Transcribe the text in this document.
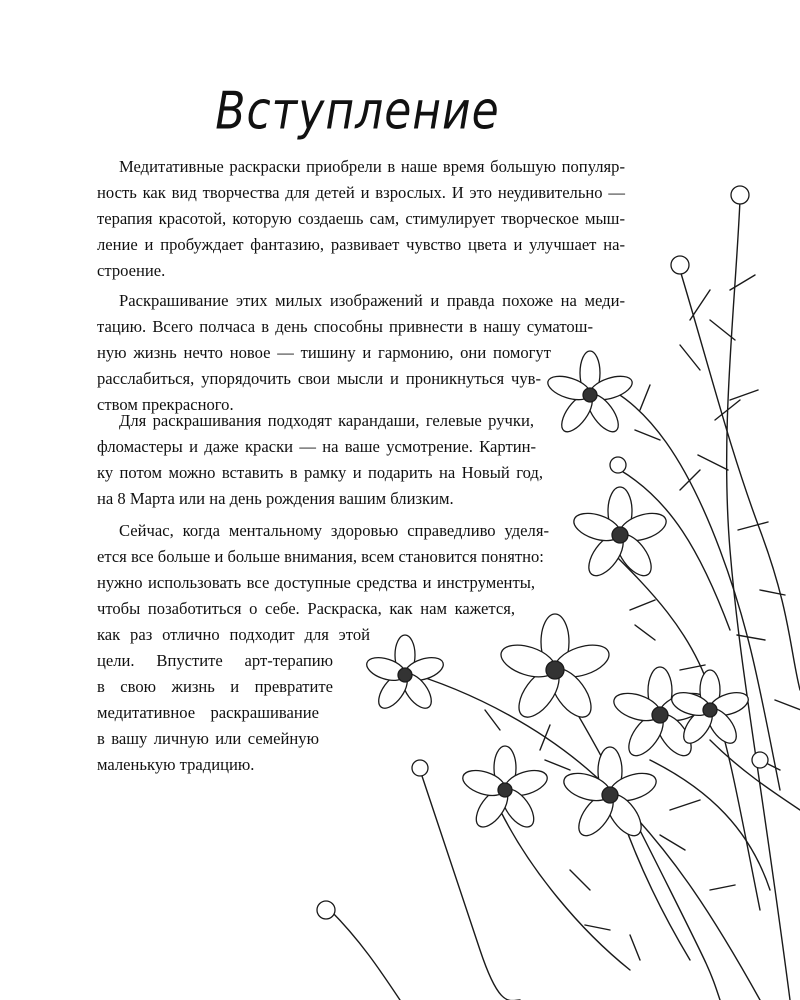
Вступление
Медитативные раскраски приобрели в наше время большую популяр-
ность как вид творчества для детей и взрослых. И это неудивительно —
терапия красотой, которую создаешь сам, стимулирует творческое мыш-
ление и пробуждает фантазию, развивает чувство цвета и улучшает на-
строение.
Раскрашивание этих милых изображений и правда похоже на меди-
тацию. Всего полчаса в день способны привнести в нашу суматош-
ную жизнь нечто новое — тишину и гармонию, они помогут
расслабиться, упорядочить свои мысли и проникнуться чув-
ством прекрасного.
Для раскрашивания подходят карандаши, гелевые ручки,
фломастеры и даже краски — на ваше усмотрение. Картин-
ку потом можно вставить в рамку и подарить на Новый год,
на 8 Марта или на день рождения вашим близким.
Сейчас, когда ментальному здоровью справедливо уделя-
ется все больше и больше внимания, всем становится понятно:
нужно использовать все доступные средства и инструменты,
чтобы позаботиться о себе. Раскраска, как нам кажется,
как раз отлично подходит для этой
цели. Впустите арт-терапию
в свою жизнь и превратите
медитативное раскрашивание
в вашу личную или семейную
маленькую традицию.
